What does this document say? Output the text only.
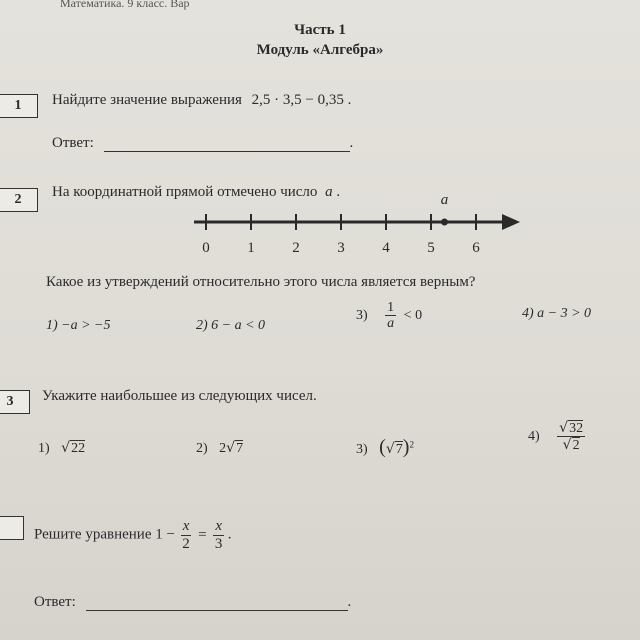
Математика. 9 класс. Вар
Часть 1
Модуль «Алгебра»
1	Найдите значение выражения 2,5 · 3,5 − 0,35 .
Ответ:	.
2	На координатной прямой отмечено число a .
0	1	2	3	4	5	6
a
Какое из утверждений относительно этого числа является верным?
1) −a > −5	2) 6 − a < 0
$3) \frac{1}{a} < 0$	4) a − 3 > 0
3	Укажите наибольшее из следующих чисел.
1) √22	2) 2√7	3) $(√7)^2$
$4) \frac{√32}{√2}$
Решите уравнение $1 - \frac{x}{2} = \frac{x}{3}$ .
Ответ:	.
